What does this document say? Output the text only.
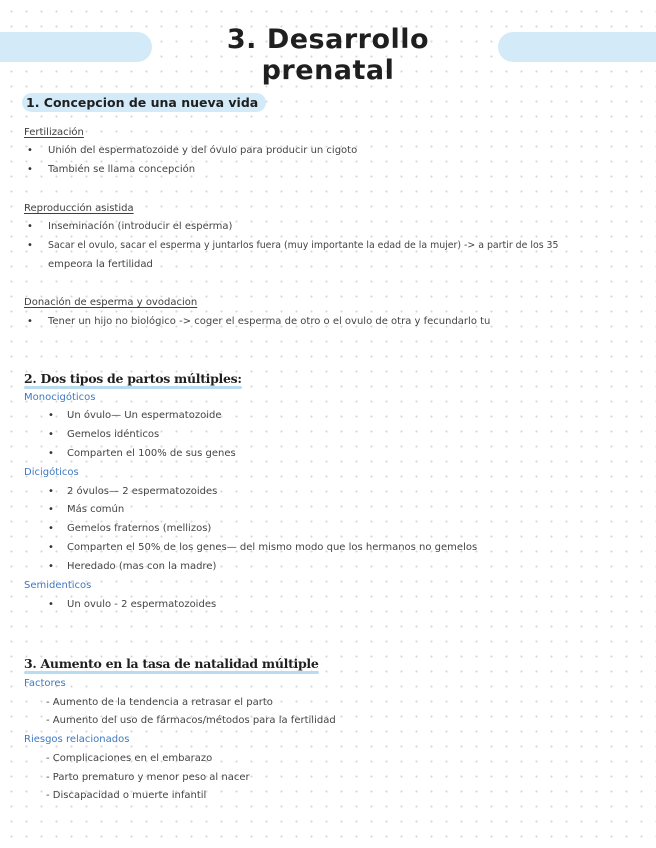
3. Desarrollo prenatal
1. Concepcion de una nueva vida
Fertilización
• Unión del espermatozoide y del óvulo para producir un cigoto
• También se llama concepción
Reproducción asistida
• Inseminación (introducir el esperma)
• Sacar el ovulo, sacar el esperma y juntarlos fuera (muy importante la edad de la mujer) -> a partir de los 35
empeora la fertilidad
Donación de esperma y ovodacion
• Tener un hijo no biológico -> coger el esperma de otro o el ovulo de otra y fecundarlo tu
2. Dos tipos de partos múltiples:
Monocigóticos
• Un óvulo— Un espermatozoide
• Gemelos idénticos
• Comparten el 100% de sus genes
Dicigóticos
• 2 óvulos— 2 espermatozoides
• Más común
• Gemelos fraternos (mellizos)
• Comparten el 50% de los genes— del mismo modo que los hermanos no gemelos
• Heredado (mas con la madre)
Semidenticos
• Un ovulo - 2 espermatozoides
3. Aumento en la tasa de natalidad múltiple
Factores
- Aumento de la tendencia a retrasar el parto
- Aumento del uso de fármacos/métodos para la fertilidad
Riesgos relacionados
- Complicaciones en el embarazo
- Parto prematuro y menor peso al nacer
- Discapacidad o muerte infantil
